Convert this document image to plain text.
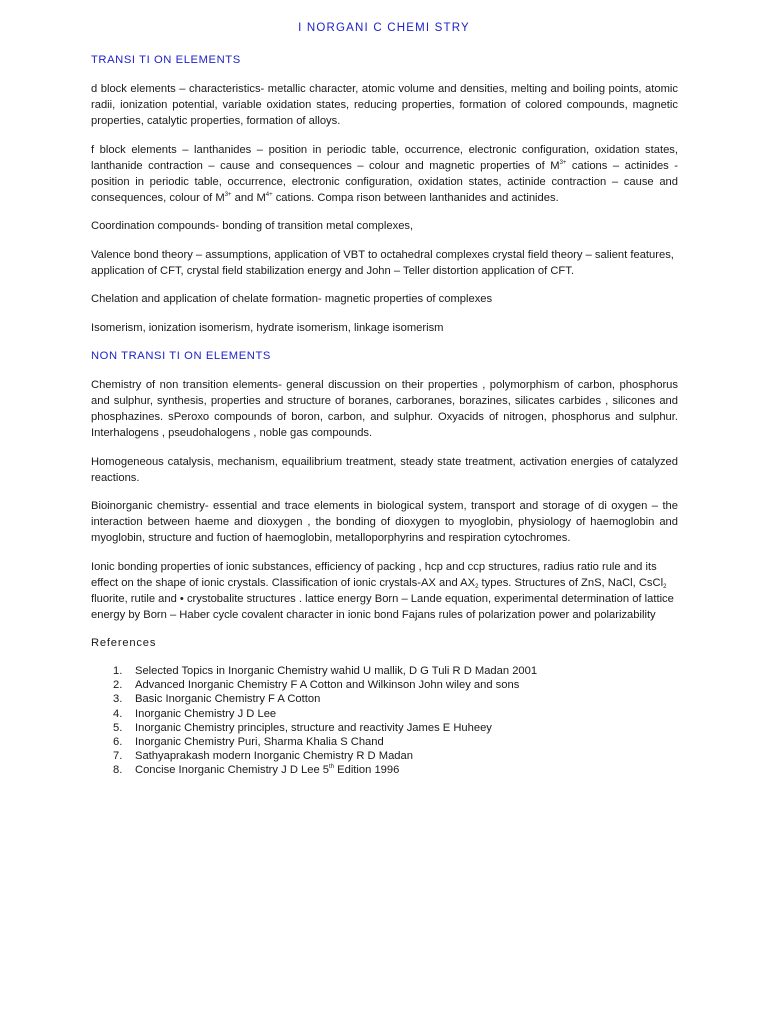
I NORGANI C CHEMI STRY
TRANSI TI ON ELEMENTS

d block elements – characteristics- metallic character, atomic volume and densities, melting and boiling points, atomic radii, ionization potential, variable oxidation states, reducing properties, formation of colored compounds, magnetic properties, catalytic properties, formation of alloys.

f block elements – lanthanides – position in periodic table, occurrence, electronic configuration, oxidation states, lanthanide contraction – cause and consequences – colour and magnetic properties of $M^{3+}$ cations – actinides - position in periodic table, occurrence, electronic configuration, oxidation states, actinide contraction – cause and consequences, colour of $M^{3+}$ and $M^{4+}$ cations. Compa rison between lanthanides and actinides.

Coordination compounds- bonding of transition metal complexes,

Valence bond theory – assumptions, application of VBT to octahedral complexes crystal field theory – salient features, application of CFT, crystal field stabilization energy and John – Teller distortion application of CFT.

Chelation and application of chelate formation- magnetic properties of complexes

Isomerism, ionization isomerism, hydrate isomerism, linkage isomerism

NON TRANSI TI ON ELEMENTS

Chemistry of non transition elements- general discussion on their properties , polymorphism of carbon, phosphorus and sulphur, synthesis, properties and structure of boranes, carboranes, borazines, silicates carbides , silicones and phosphazines. sPeroxo compounds of boron, carbon, and sulphur. Oxyacids of nitrogen, phosphorus and sulphur. Interhalogens , pseudohalogens , noble gas compounds.

Homogeneous catalysis, mechanism, equailibrium treatment, steady state treatment, activation energies of catalyzed reactions.

Bioinorganic chemistry- essential and trace elements in biological system, transport and storage of di oxygen – the interaction between haeme and dioxygen , the bonding of dioxygen to myoglobin, physiology of haemoglobin and myoglobin, structure and fuction of haemoglobin, metalloporphyrins and respiration cytochromes.

Ionic bonding properties of ionic substances, efficiency of packing , hcp and ccp structures, radius ratio rule and its effect on the shape of ionic crystals. Classification of ionic crystals-AX and $AX_2$ types. Structures of ZnS, NaCl, CsCl$_2$ fluorite, rutile and • crystobalite structures . lattice energy Born – Lande equation, experimental determination of lattice energy by Born – Haber cycle covalent character in ionic bond Fajans rules of polarization power and polarizability

References
1. Selected Topics in Inorganic Chemistry wahid U mallik, D G Tuli R D Madan 2001
2. Advanced Inorganic Chemistry F A Cotton and Wilkinson John wiley and sons
3. Basic Inorganic Chemistry F A Cotton
4. Inorganic Chemistry J D Lee
5. Inorganic Chemistry principles, structure and reactivity James E Huheey
6. Inorganic Chemistry Puri, Sharma Khalia S Chand
7. Sathyaprakash modern Inorganic Chemistry R D Madan
8. Concise Inorganic Chemistry J D Lee 5th Edition 1996
